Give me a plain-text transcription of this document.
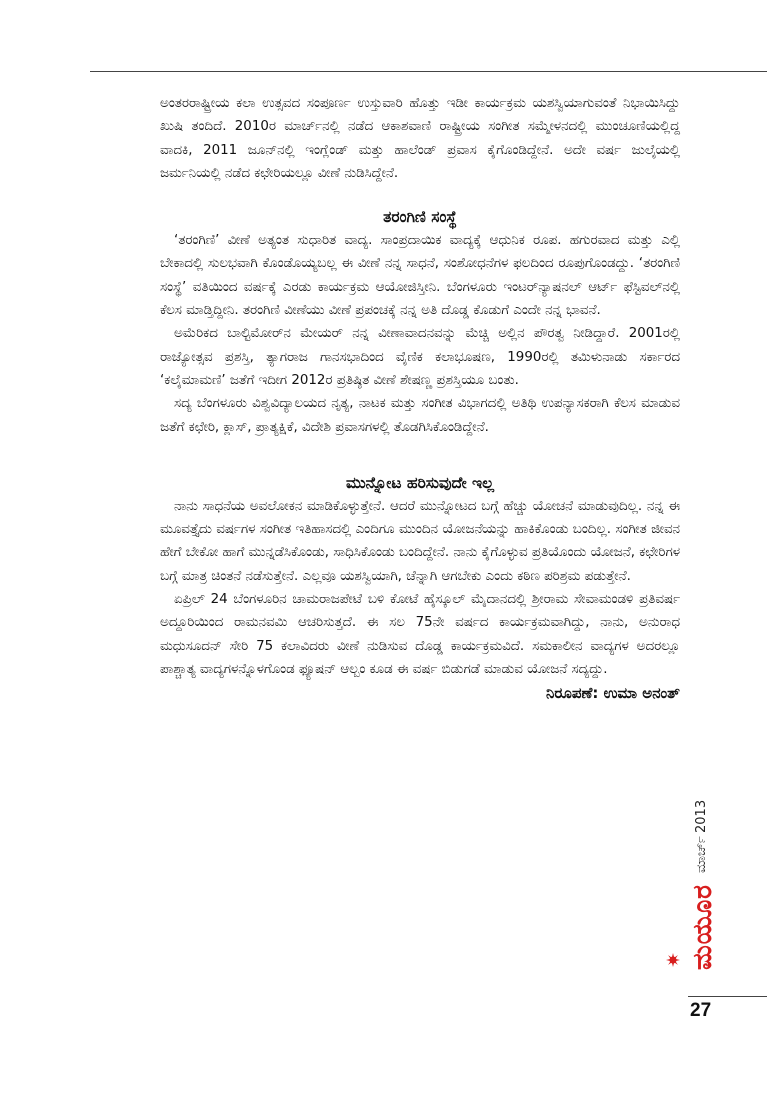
ಅಂತರರಾಷ್ಟ್ರೀಯ ಕಲಾ ಉತ್ಸವದ ಸಂಪೂರ್ಣ ಉಸ್ತುವಾರಿ ಹೊತ್ತು ಇಡೀ ಕಾರ್ಯಕ್ರಮ ಯಶಸ್ವಿಯಾಗುವಂತೆ ನಿಭಾಯಿಸಿದ್ದು ಖುಷಿ ತಂದಿದೆ. 2010ರ ಮಾರ್ಚ್‌ನಲ್ಲಿ ನಡೆದ ಆಕಾಶವಾಣಿ ರಾಷ್ಟ್ರೀಯ ಸಂಗೀತ ಸಮ್ಮೇಳನದಲ್ಲಿ ಮುಂಚೂಣಿಯಲ್ಲಿದ್ದ ವಾದಕಿ, 2011 ಜೂನ್‌ನಲ್ಲಿ ಇಂಗ್ಲೆಂಡ್ ಮತ್ತು ಹಾಲೆಂಡ್ ಪ್ರವಾಸ ಕೈಗೊಂಡಿದ್ದೇನೆ. ಅದೇ ವರ್ಷ ಜುಲೈಯಲ್ಲಿ ಜರ್ಮನಿಯಲ್ಲಿ ನಡೆದ ಕಛೇರಿಯಲ್ಲೂ ವೀಣೆ ನುಡಿಸಿದ್ದೇನೆ.

ತರಂಗಿಣಿ ಸಂಸ್ಥೆ

‘ತರಂಗಿಣಿ’ ವೀಣೆ ಅತ್ಯಂತ ಸುಧಾರಿತ ವಾದ್ಯ. ಸಾಂಪ್ರದಾಯಿಕ ವಾದ್ಯಕ್ಕೆ ಆಧುನಿಕ ರೂಪ. ಹಗುರವಾದ ಮತ್ತು ಎಲ್ಲಿ ಬೇಕಾದಲ್ಲಿ ಸುಲಭವಾಗಿ ಕೊಂಡೊಯ್ಯಬಲ್ಲ ಈ ವೀಣೆ ನನ್ನ ಸಾಧನೆ, ಸಂಶೋಧನೆಗಳ ಫಲದಿಂದ ರೂಪುಗೊಂಡದ್ದು. ‘ತರಂಗಿಣಿ ಸಂಸ್ಥೆ’ ವತಿಯಿಂದ ವರ್ಷಕ್ಕೆ ಎರಡು ಕಾರ್ಯಕ್ರಮ ಆಯೋಜಿಸ್ತೀನಿ. ಬೆಂಗಳೂರು ಇಂಟರ್‌ನ್ಯಾಷನಲ್ ಆರ್ಟ್ ಫೆಸ್ಟಿವಲ್‌ನಲ್ಲಿ ಕೆಲಸ ಮಾಡ್ತಿದ್ದೀನಿ. ತರಂಗಿಣಿ ವೀಣೆಯು ವೀಣೆ ಪ್ರಪಂಚಕ್ಕೆ ನನ್ನ ಅತಿ ದೊಡ್ಡ ಕೊಡುಗೆ ಎಂದೇ ನನ್ನ ಭಾವನೆ.

ಅಮೆರಿಕದ ಬಾಲ್ಟಿಮೋರ್‌ನ ಮೇಯರ್ ನನ್ನ ವೀಣಾವಾದನವನ್ನು ಮೆಚ್ಚಿ ಅಲ್ಲಿನ ಪೌರತ್ವ ನೀಡಿದ್ದಾರೆ. 2001ರಲ್ಲಿ ರಾಜ್ಯೋತ್ಸವ ಪ್ರಶಸ್ತಿ, ತ್ಯಾಗರಾಜ ಗಾನಸಭಾದಿಂದ ವೈಣಿಕ ಕಲಾಭೂಷಣ, 1990ರಲ್ಲಿ ತಮಿಳುನಾಡು ಸರ್ಕಾರದ ‘ಕಲೈಮಾಮಣಿ’ ಜತೆಗೆ ಇದೀಗ 2012ರ ಪ್ರತಿಷ್ಠಿತ ವೀಣೆ ಶೇಷಣ್ಣ ಪ್ರಶಸ್ತಿಯೂ ಬಂತು.

ಸದ್ಯ ಬೆಂಗಳೂರು ವಿಶ್ವವಿದ್ಯಾಲಯದ ನೃತ್ಯ, ನಾಟಕ ಮತ್ತು ಸಂಗೀತ ವಿಭಾಗದಲ್ಲಿ ಅತಿಥಿ ಉಪನ್ಯಾಸಕರಾಗಿ ಕೆಲಸ ಮಾಡುವ ಜತೆಗೆ ಕಛೇರಿ, ಕ್ಲಾಸ್, ಪ್ರಾತ್ಯಕ್ಷಿಕೆ, ವಿದೇಶಿ ಪ್ರವಾಸಗಳಲ್ಲಿ ತೊಡಗಿಸಿಕೊಂಡಿದ್ದೇನೆ.

ಮುನ್ನೋಟ ಹರಿಸುವುದೇ ಇಲ್ಲ

ನಾನು ಸಾಧನೆಯ ಅವಲೋಕನ ಮಾಡಿಕೊಳ್ಳುತ್ತೇನೆ. ಆದರೆ ಮುನ್ನೋಟದ ಬಗ್ಗೆ ಹೆಚ್ಚು ಯೋಚನೆ ಮಾಡುವುದಿಲ್ಲ. ನನ್ನ ಈ ಮೂವತ್ತೈದು ವರ್ಷಗಳ ಸಂಗೀತ ಇತಿಹಾಸದಲ್ಲಿ ಎಂದಿಗೂ ಮುಂದಿನ ಯೋಜನೆಯನ್ನು ಹಾಕಿಕೊಂಡು ಬಂದಿಲ್ಲ. ಸಂಗೀತ ಜೀವನ ಹೇಗೆ ಬೇಕೋ ಹಾಗೆ ಮುನ್ನಡೆಸಿಕೊಂಡು, ಸಾಧಿಸಿಕೊಂಡು ಬಂದಿದ್ದೇನೆ. ನಾನು ಕೈಗೊಳ್ಳುವ ಪ್ರತಿಯೊಂದು ಯೋಜನೆ, ಕಛೇರಿಗಳ ಬಗ್ಗೆ ಮಾತ್ರ ಚಿಂತನೆ ನಡೆಸುತ್ತೇನೆ. ಎಲ್ಲವೂ ಯಶಸ್ವಿಯಾಗಿ, ಚೆನ್ನಾಗಿ ಆಗಬೇಕು ಎಂದು ಕಠಿಣ ಪರಿಶ್ರಮ ಪಡುತ್ತೇನೆ.

ಏಪ್ರಿಲ್ 24 ಬೆಂಗಳೂರಿನ ಚಾಮರಾಜಪೇಟೆ ಬಳಿ ಕೋಟೆ ಹೈಸ್ಕೂಲ್ ಮೈದಾನದಲ್ಲಿ ಶ್ರೀರಾಮ ಸೇವಾಮಂಡಳಿ ಪ್ರತಿವರ್ಷ ಅದ್ದೂರಿಯಿಂದ ರಾಮನವಮಿ ಆಚರಿಸುತ್ತದೆ. ಈ ಸಲ 75ನೇ ವರ್ಷದ ಕಾರ್ಯಕ್ರಮವಾಗಿದ್ದು, ನಾನು, ಅನುರಾಧ ಮಧುಸೂದನ್ ಸೇರಿ 75 ಕಲಾವಿದರು ವೀಣೆ ನುಡಿಸುವ ದೊಡ್ಡ ಕಾರ್ಯಕ್ರಮವಿದೆ. ಸಮಕಾಲೀನ ವಾದ್ಯಗಳ ಅದರಲ್ಲೂ ಪಾಶ್ಚಾತ್ಯ ವಾದ್ಯಗಳನ್ನೊಳಗೊಂಡ ಫ್ಯೂಷನ್ ಆಲ್ಬಂ ಕೂಡ ಈ ವರ್ಷ ಬಿಡುಗಡೆ ಮಾಡುವ ಯೋಜನೆ ಸದ್ಯದ್ದು.

ನಿರೂಪಣೆ: ಉಮಾ ಅನಂತ್

2013
ಮಾರ್ಚ್
ಮಯೂರ
27
